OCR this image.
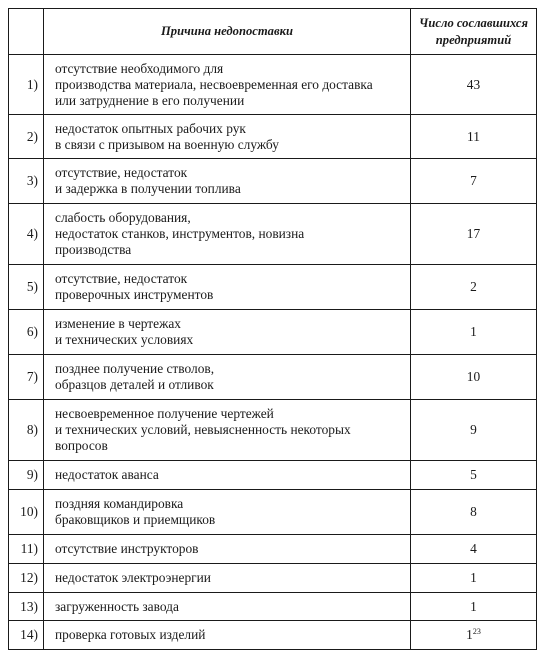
	Причина недопоставки	Число сославшихся
предприятий

1)	отсутствие необходимого для
производства материала, несвоевременная его доставка
или затруднение в его получении	43
2)	недостаток опытных рабочих рук
в связи с призывом на военную службу	11
3)	отсутствие, недостаток
и задержка в получении топлива	7
4)	слабость оборудования,
недостаток станков, инструментов, новизна
производства	17
5)	отсутствие, недостаток
проверочных инструментов	2
6)	изменение в чертежах
и технических условиях	1
7)	позднее получение стволов,
образцов деталей и отливок	10
8)	несвоевременное получение чертежей
и технических условий, невыясненность некоторых
вопросов	9
9)	недостаток аванса	5
10)	поздняя командировка
браковщиков и приемщиков	8
11)	отсутствие инструкторов	4
12)	недостаток электроэнергии	1
13)	загруженность завода	1
14)	проверка готовых изделий	$1^{23}$
